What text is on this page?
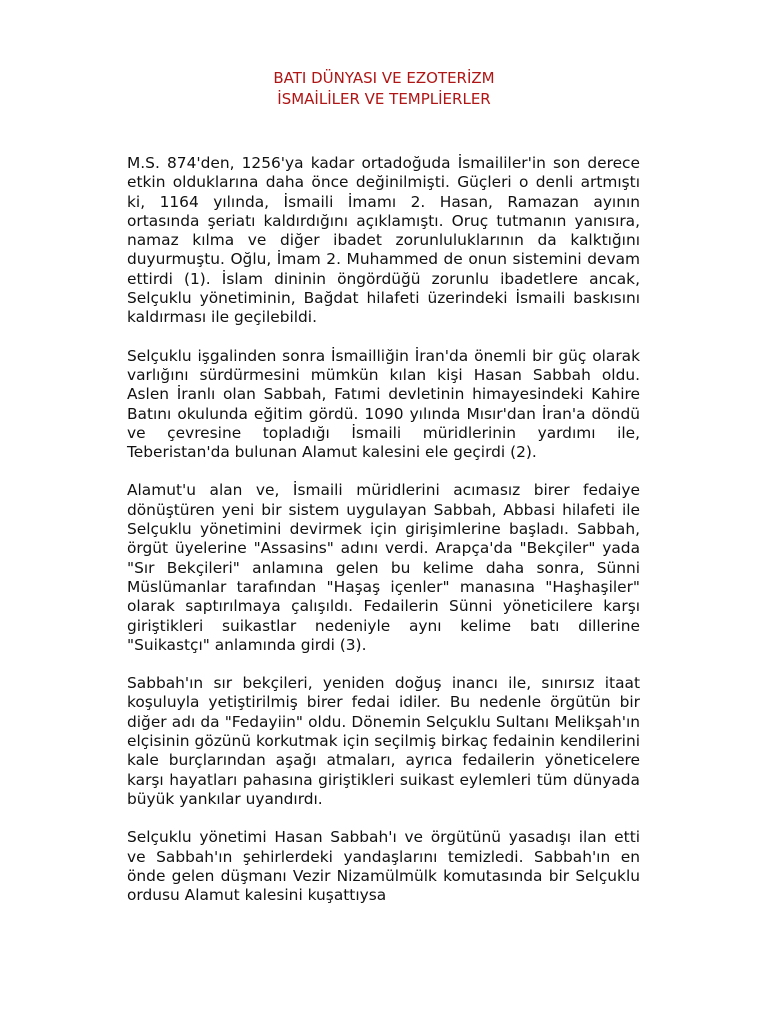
BATI DÜNYASI VE EZOTERİZM
İSMAİLİLER VE TEMPLİERLER

M.S. 874'den, 1256'ya kadar ortadoğuda İsmaililer'in son derece etkin olduklarına daha önce değinilmişti. Güçleri o denli artmıştı ki, 1164 yılında, İsmaili İmamı 2. Hasan, Ramazan ayının ortasında şeriatı kaldırdığını açıklamıştı. Oruç tutmanın yanısıra, namaz kılma ve diğer ibadet zorunluluklarının da kalktığını duyurmuştu. Oğlu, İmam 2. Muhammed de onun sistemini devam ettirdi (1). İslam dininin öngördüğü zorunlu ibadetlere ancak, Selçuklu yönetiminin, Bağdat hilafeti üzerindeki İsmaili baskısını kaldırması ile geçilebildi.

Selçuklu işgalinden sonra İsmailliğin İran'da önemli bir güç olarak varlığını sürdürmesini mümkün kılan kişi Hasan Sabbah oldu. Aslen İranlı olan Sabbah, Fatımi devletinin himayesindeki Kahire Batını okulunda eğitim gördü. 1090 yılında Mısır'dan İran'a döndü ve çevresine topladığı İsmaili müridlerinin yardımı ile, Teberistan'da bulunan Alamut kalesini ele geçirdi (2).

Alamut'u alan ve, İsmaili müridlerini acımasız birer fedaiye dönüştüren yeni bir sistem uygulayan Sabbah, Abbasi hilafeti ile Selçuklu yönetimini devirmek için girişimlerine başladı. Sabbah, örgüt üyelerine "Assasins" adını verdi. Arapça'da "Bekçiler" yada "Sır Bekçileri" anlamına gelen bu kelime daha sonra, Sünni Müslümanlar tarafından "Haşaş içenler" manasına "Haşhaşiler" olarak saptırılmaya çalışıldı. Fedailerin Sünni yöneticilere karşı giriştikleri suikastlar nedeniyle aynı kelime batı dillerine "Suikastçı" anlamında girdi (3).

Sabbah'ın sır bekçileri, yeniden doğuş inancı ile, sınırsız itaat koşuluyla yetiştirilmiş birer fedai idiler. Bu nedenle örgütün bir diğer adı da "Fedayiin" oldu. Dönemin Selçuklu Sultanı Melikşah'ın elçisinin gözünü korkutmak için seçilmiş birkaç fedainin kendilerini kale burçlarından aşağı atmaları, ayrıca fedailerin yöneticelere karşı hayatları pahasına giriştikleri suikast eylemleri tüm dünyada büyük yankılar uyandırdı.

Selçuklu yönetimi Hasan Sabbah'ı ve örgütünü yasadışı ilan etti ve Sabbah'ın şehirlerdeki yandaşlarını temizledi. Sabbah'ın en önde gelen düşmanı Vezir Nizamülmülk komutasında bir Selçuklu ordusu Alamut kalesini kuşattıysa
